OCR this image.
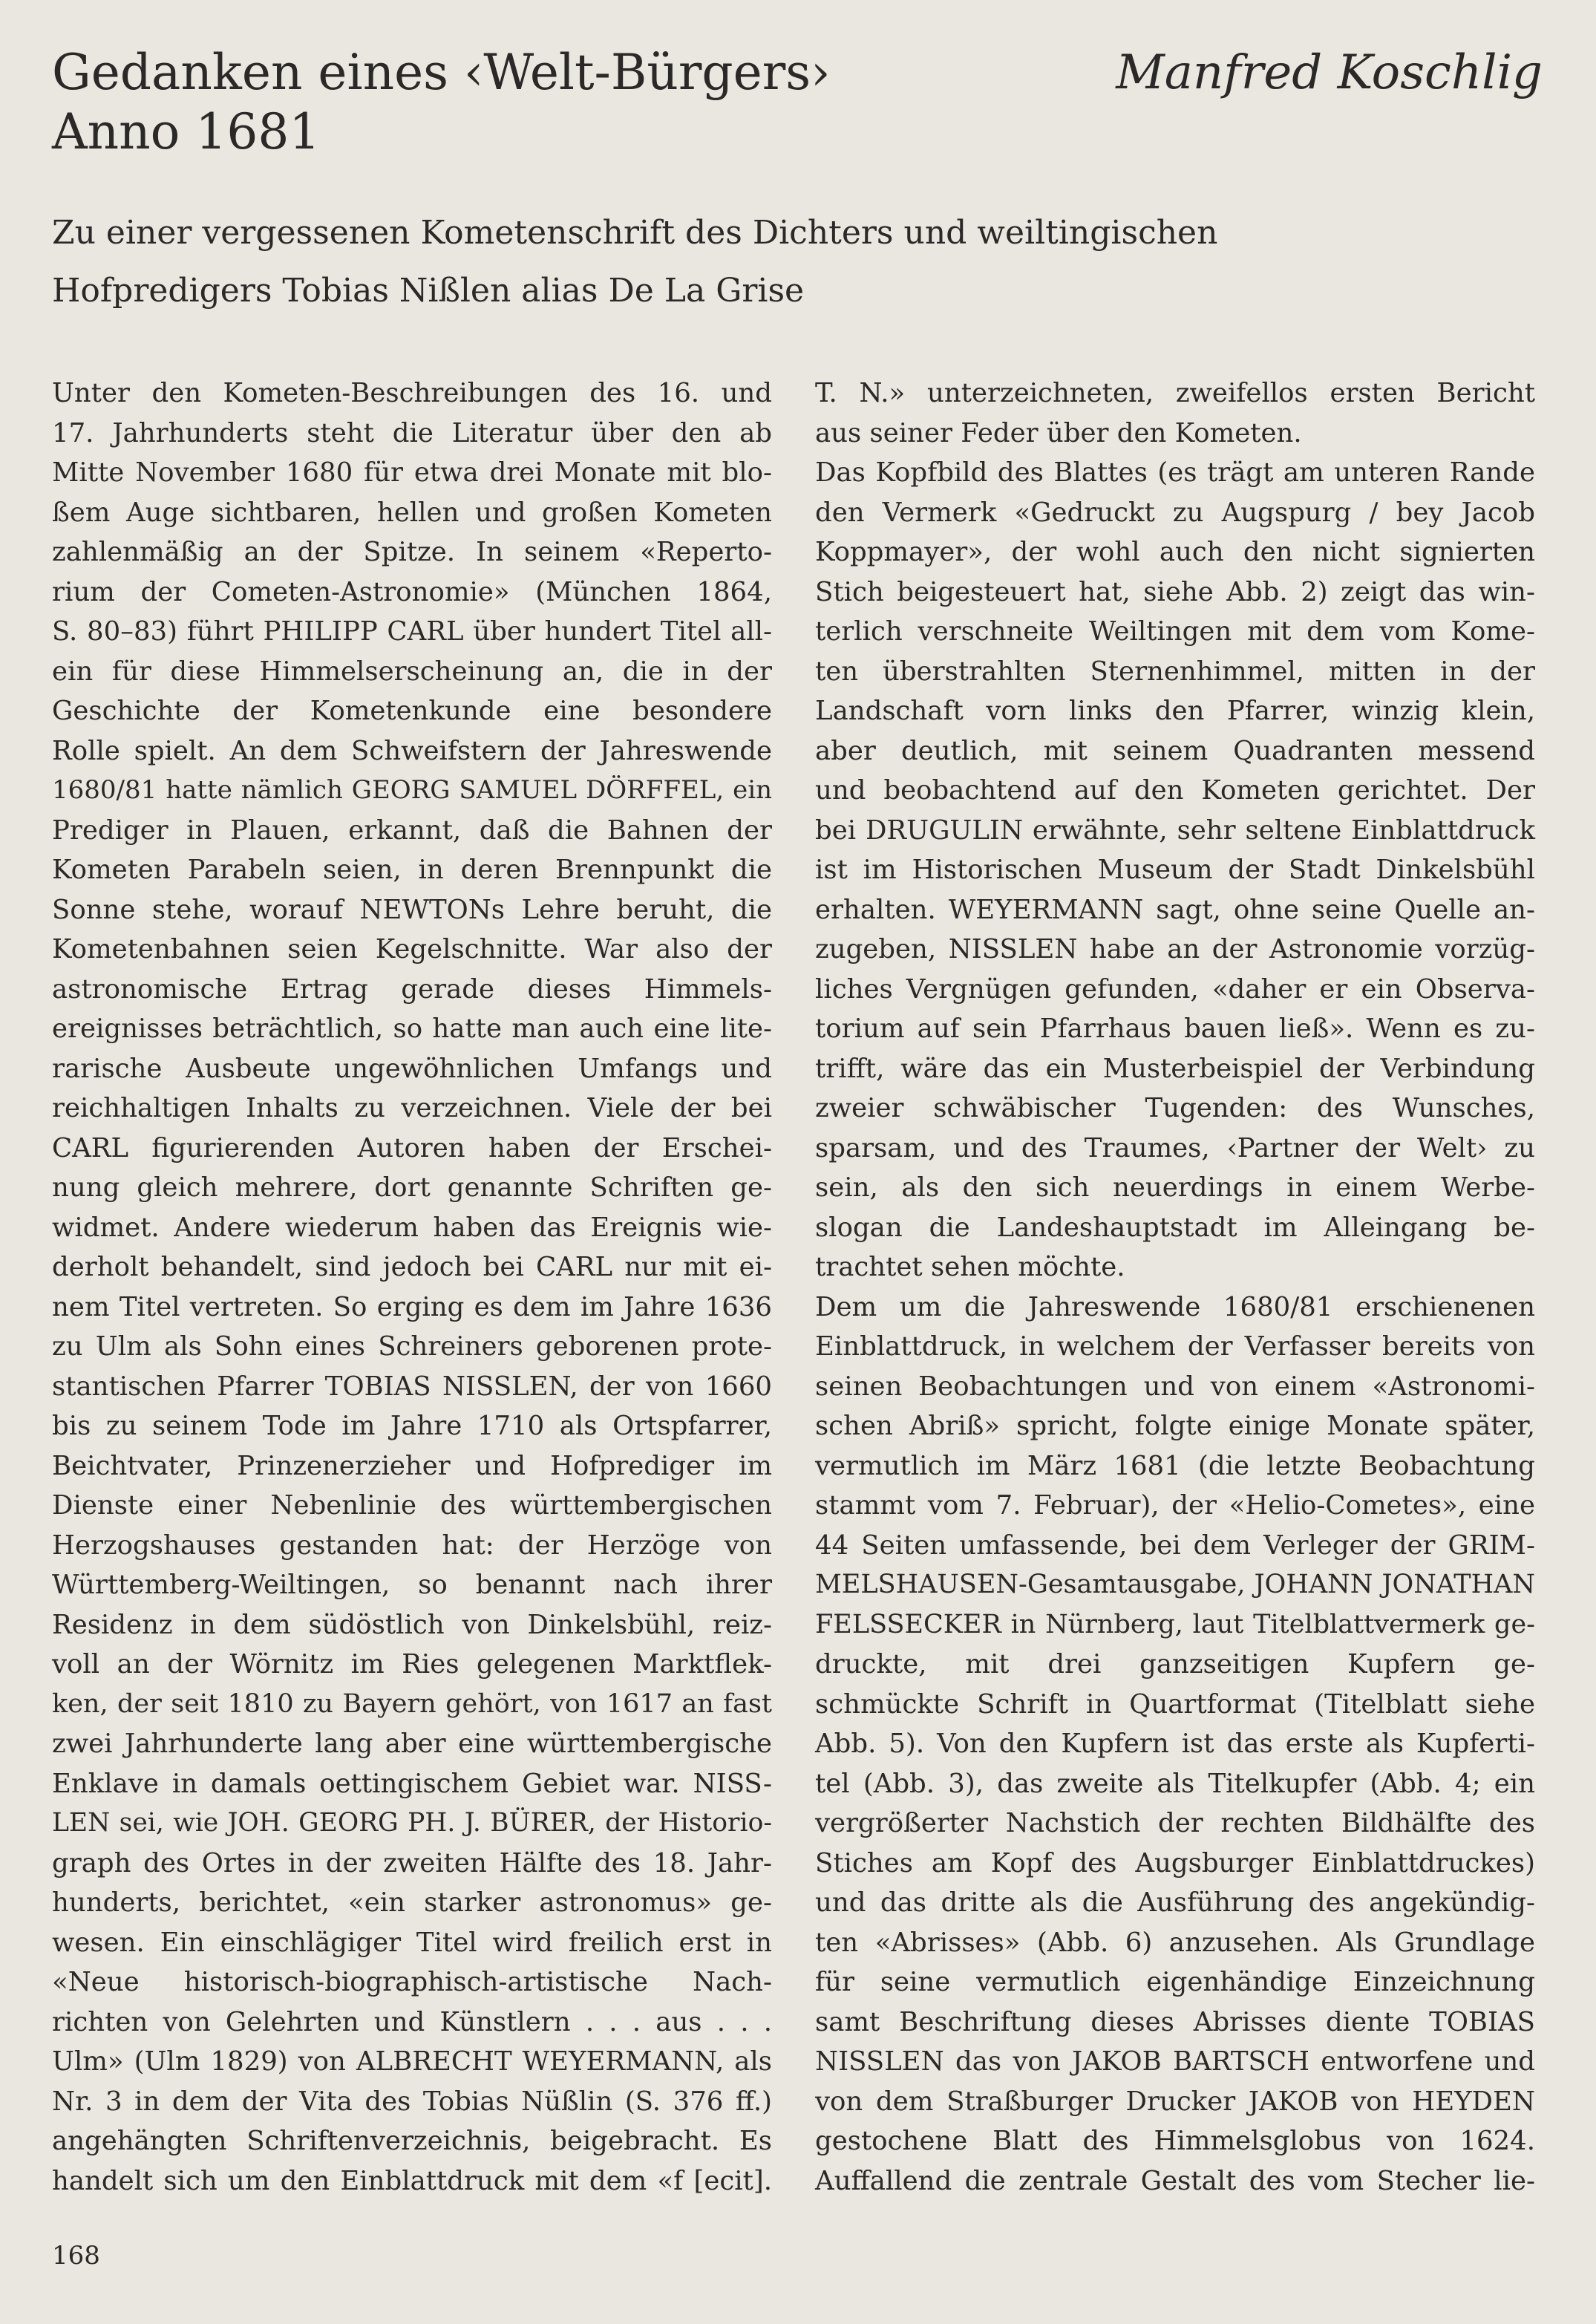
Gedanken eines ‹Welt-Bürgers›
Anno 1681
Manfred Koschlig

Zu einer vergessenen Kometenschrift des Dichters und weiltingischen
Hofpredigers Tobias Nißlen alias De La Grise

Unter den Kometen-Beschreibungen des 16. und
17. Jahrhunderts steht die Literatur über den ab
Mitte November 1680 für etwa drei Monate mit blo-
ßem Auge sichtbaren, hellen und großen Kometen
zahlenmäßig an der Spitze. In seinem «Reperto-
rium der Cometen-Astronomie» (München 1864,
S. 80–83) führt PHILIPP CARL über hundert Titel all-
ein für diese Himmelserscheinung an, die in der
Geschichte der Kometenkunde eine besondere
Rolle spielt. An dem Schweifstern der Jahreswende
1680/81 hatte nämlich GEORG SAMUEL DÖRFFEL, ein
Prediger in Plauen, erkannt, daß die Bahnen der
Kometen Parabeln seien, in deren Brennpunkt die
Sonne stehe, worauf NEWTONs Lehre beruht, die
Kometenbahnen seien Kegelschnitte. War also der
astronomische Ertrag gerade dieses Himmels-
ereignisses beträchtlich, so hatte man auch eine lite-
rarische Ausbeute ungewöhnlichen Umfangs und
reichhaltigen Inhalts zu verzeichnen. Viele der bei
CARL figurierenden Autoren haben der Erschei-
nung gleich mehrere, dort genannte Schriften ge-
widmet. Andere wiederum haben das Ereignis wie-
derholt behandelt, sind jedoch bei CARL nur mit ei-
nem Titel vertreten. So erging es dem im Jahre 1636
zu Ulm als Sohn eines Schreiners geborenen prote-
stantischen Pfarrer TOBIAS NISSLEN, der von 1660
bis zu seinem Tode im Jahre 1710 als Ortspfarrer,
Beichtvater, Prinzenerzieher und Hofprediger im
Dienste einer Nebenlinie des württembergischen
Herzogshauses gestanden hat: der Herzöge von
Württemberg-Weiltingen, so benannt nach ihrer
Residenz in dem südöstlich von Dinkelsbühl, reiz-
voll an der Wörnitz im Ries gelegenen Marktflek-
ken, der seit 1810 zu Bayern gehört, von 1617 an fast
zwei Jahrhunderte lang aber eine württembergische
Enklave in damals oettingischem Gebiet war. NISS-
LEN sei, wie JOH. GEORG PH. J. BÜRER, der Historio-
graph des Ortes in der zweiten Hälfte des 18. Jahr-
hunderts, berichtet, «ein starker astronomus» ge-
wesen. Ein einschlägiger Titel wird freilich erst in
«Neue historisch-biographisch-artistische Nach-
richten von Gelehrten und Künstlern . . . aus . . .
Ulm» (Ulm 1829) von ALBRECHT WEYERMANN, als
Nr. 3 in dem der Vita des Tobias Nüßlin (S. 376 ff.)
angehängten Schriftenverzeichnis, beigebracht. Es
handelt sich um den Einblattdruck mit dem «f [ecit].
T. N.» unterzeichneten, zweifellos ersten Bericht
aus seiner Feder über den Kometen.
Das Kopfbild des Blattes (es trägt am unteren Rande
den Vermerk «Gedruckt zu Augspurg / bey Jacob
Koppmayer», der wohl auch den nicht signierten
Stich beigesteuert hat, siehe Abb. 2) zeigt das win-
terlich verschneite Weiltingen mit dem vom Kome-
ten überstrahlten Sternenhimmel, mitten in der
Landschaft vorn links den Pfarrer, winzig klein,
aber deutlich, mit seinem Quadranten messend
und beobachtend auf den Kometen gerichtet. Der
bei DRUGULIN erwähnte, sehr seltene Einblattdruck
ist im Historischen Museum der Stadt Dinkelsbühl
erhalten. WEYERMANN sagt, ohne seine Quelle an-
zugeben, NISSLEN habe an der Astronomie vorzüg-
liches Vergnügen gefunden, «daher er ein Observa-
torium auf sein Pfarrhaus bauen ließ». Wenn es zu-
trifft, wäre das ein Musterbeispiel der Verbindung
zweier schwäbischer Tugenden: des Wunsches,
sparsam, und des Traumes, ‹Partner der Welt› zu
sein, als den sich neuerdings in einem Werbe-
slogan die Landeshauptstadt im Alleingang be-
trachtet sehen möchte.
Dem um die Jahreswende 1680/81 erschienenen
Einblattdruck, in welchem der Verfasser bereits von
seinen Beobachtungen und von einem «Astronomi-
schen Abriß» spricht, folgte einige Monate später,
vermutlich im März 1681 (die letzte Beobachtung
stammt vom 7. Februar), der «Helio-Cometes», eine
44 Seiten umfassende, bei dem Verleger der GRIM-
MELSHAUSEN-Gesamtausgabe, JOHANN JONATHAN
FELSSECKER in Nürnberg, laut Titelblattvermerk ge-
druckte, mit drei ganzseitigen Kupfern ge-
schmückte Schrift in Quartformat (Titelblatt siehe
Abb. 5). Von den Kupfern ist das erste als Kupferti-
tel (Abb. 3), das zweite als Titelkupfer (Abb. 4; ein
vergrößerter Nachstich der rechten Bildhälfte des
Stiches am Kopf des Augsburger Einblattdruckes)
und das dritte als die Ausführung des angekündig-
ten «Abrisses» (Abb. 6) anzusehen. Als Grundlage
für seine vermutlich eigenhändige Einzeichnung
samt Beschriftung dieses Abrisses diente TOBIAS
NISSLEN das von JAKOB BARTSCH entworfene und
von dem Straßburger Drucker JAKOB von HEYDEN
gestochene Blatt des Himmelsglobus von 1624.
Auffallend die zentrale Gestalt des vom Stecher lie-
168
